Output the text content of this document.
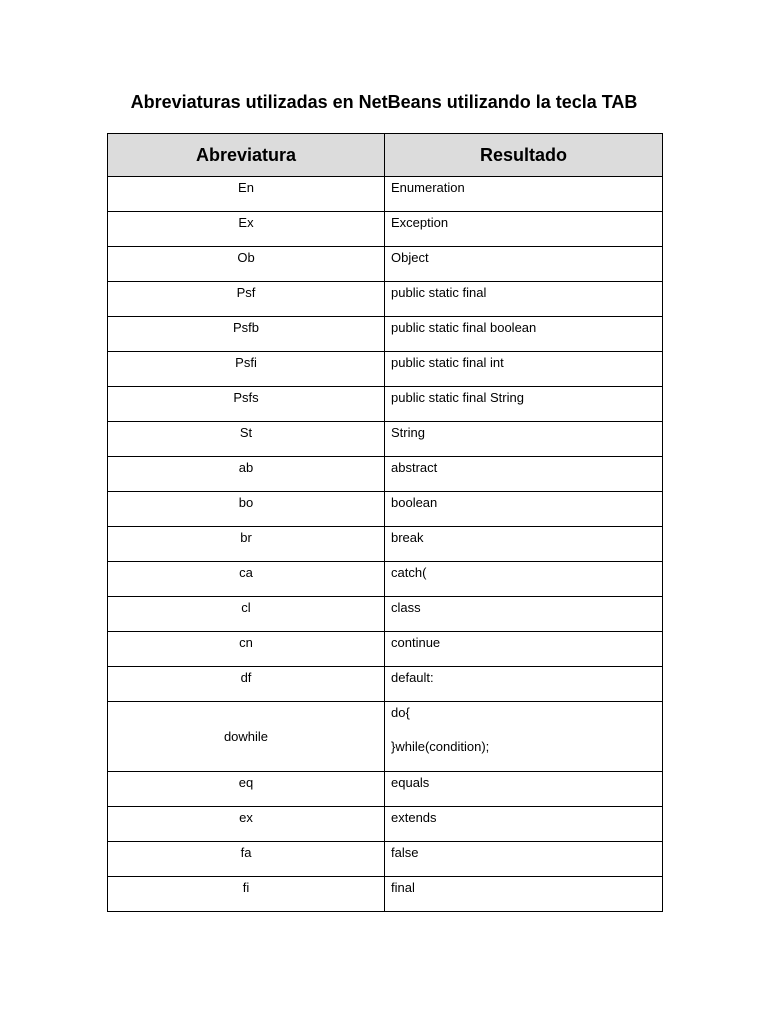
Abreviaturas utilizadas en NetBeans utilizando la tecla TAB
Abreviatura	Resultado
En	Enumeration

Ex	Exception

Ob	Object

Psf	public static final

Psfb	public static final boolean

Psfi	public static final int

Psfs	public static final String

St	String

ab	abstract

bo	boolean

br	break

ca	catch(

cl	class

cn	continue

df	default:

dowhile	do{
}while(condition);

eq	equals

ex	extends

fa	false

fi	final
